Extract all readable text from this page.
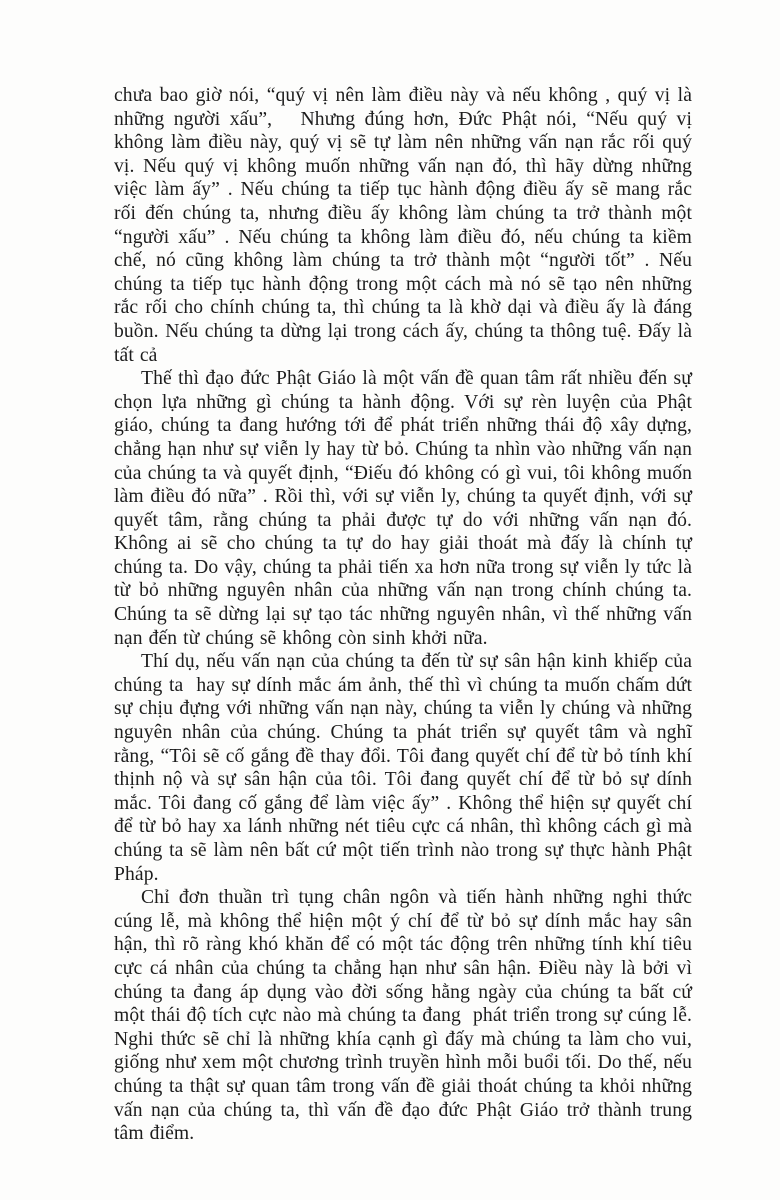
chưa bao giờ nói, “quý vị nên làm điều này và nếu không , quý vị là những người xấu”,   Nhưng đúng hơn, Đức Phật nói, “Nếu quý vị không làm điều này, quý vị sẽ tự làm nên những vấn nạn rắc rối quý vị. Nếu quý vị không muốn những vấn nạn đó, thì hãy dừng những việc làm ấy” . Nếu chúng ta tiếp tục hành động điều ấy sẽ mang rắc rối đến chúng ta, nhưng điều ấy không làm chúng ta trở thành một “người xấu” . Nếu chúng ta không làm điều đó, nếu chúng ta kiềm chế, nó cũng không làm chúng ta trở thành một “người tốt” . Nếu chúng ta tiếp tục hành động trong một cách mà nó sẽ tạo nên những rắc rối cho chính chúng ta, thì chúng ta là khờ dại và điều ấy là đáng buồn. Nếu chúng ta dừng lại trong cách ấy, chúng ta thông tuệ. Đấy là tất cả

Thế thì đạo đức Phật Giáo là một vấn đề quan tâm rất nhiều đến sự chọn lựa những gì chúng ta hành động. Với sự rèn luyện của Phật giáo, chúng ta đang hướng tới để phát triển những thái độ xây dựng, chẳng hạn như sự viễn ly hay từ bỏ. Chúng ta nhìn vào những vấn nạn của chúng ta và quyết định, “Điếu đó không có gì vui, tôi không muốn làm điều đó nữa” . Rồi thì, với sự viễn ly, chúng ta quyết định, với sự quyết tâm, rằng chúng ta phải được tự do với những vấn nạn đó. Không ai sẽ cho chúng ta tự do hay giải thoát mà đấy là chính tự chúng ta. Do vậy, chúng ta phải tiến xa hơn nữa trong sự viễn ly tức là từ bỏ những nguyên nhân của những vấn nạn trong chính chúng ta. Chúng ta sẽ dừng lại sự tạo tác những nguyên nhân, vì thế những vấn nạn đến từ chúng sẽ không còn sinh khởi nữa.

Thí dụ, nếu vấn nạn của chúng ta đến từ sự sân hận kinh khiếp của chúng ta  hay sự dính mắc ám ảnh, thế thì vì chúng ta muốn chấm dứt sự chịu đựng với những vấn nạn này, chúng ta viễn ly chúng và những nguyên nhân của chúng. Chúng ta phát triển sự quyết tâm và nghĩ rằng, “Tôi sẽ cố gắng đề thay đổi. Tôi đang quyết chí để từ bỏ tính khí thịnh nộ và sự sân hận của tôi. Tôi đang quyết chí để từ bỏ sự dính mắc. Tôi đang cố gắng để làm việc ấy” . Không thể hiện sự quyết chí để từ bỏ hay xa lánh những nét tiêu cực cá nhân, thì không cách gì mà chúng ta sẽ làm nên bất cứ một tiến trình nào trong sự thực hành Phật Pháp.

Chỉ đơn thuần trì tụng chân ngôn và tiến hành những nghi thức cúng lễ, mà không thể hiện một ý chí để từ bỏ sự dính mắc hay sân hận, thì rõ ràng khó khăn để có một tác động trên những tính khí tiêu cực cá nhân của chúng ta chẳng hạn như sân hận. Điều này là bởi vì chúng ta đang áp dụng vào đời sống hằng ngày của chúng ta bất cứ một thái độ tích cực nào mà chúng ta đang  phát triển trong sự cúng lễ. Nghi thức sẽ chỉ là những khía cạnh gì đấy mà chúng ta làm cho vui, giống như xem một chương trình truyền hình mỗi buổi tối. Do thế, nếu chúng ta thật sự quan tâm trong vấn đề giải thoát chúng ta khỏi những vấn nạn của chúng ta, thì vấn đề đạo đức Phật Giáo trở thành trung tâm điểm.
